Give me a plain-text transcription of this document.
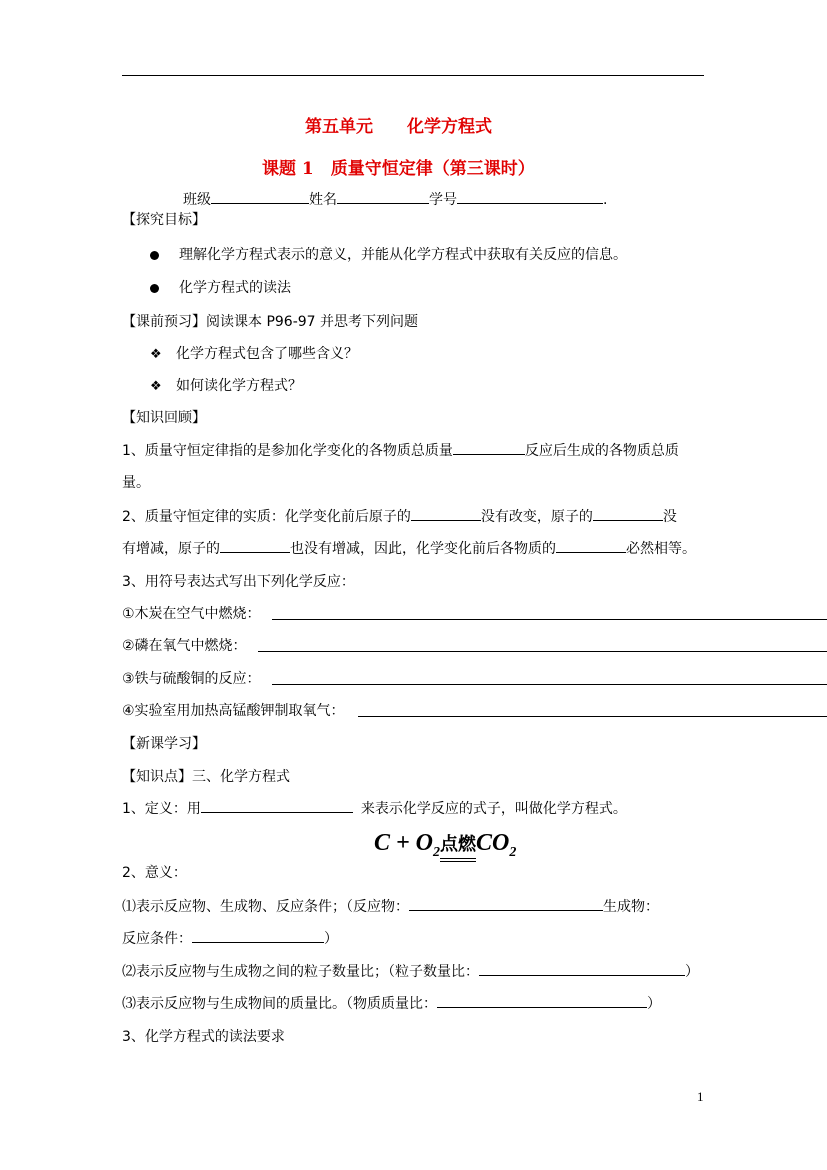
第五单元　　化学方程式
课题 1　质量守恒定律（第三课时）
班级	姓名	学号	.
【探究目标】
理解化学方程式表示的意义，并能从化学方程式中获取有关反应的信息。
化学方程式的读法
【课前预习】阅读课本 P96-97 并思考下列问题
❖ 化学方程式包含了哪些含义？
❖ 如何读化学方程式？
【知识回顾】
1、质量守恒定律指的是参加化学变化的各物质总质量	反应后生成的各物质总质
量。
2、质量守恒定律的实质：化学变化前后原子的	没有改变，原子的	没
有增减，原子的	也没有增减，因此，化学变化前后各物质的	必然相等。
3、用符号表达式写出下列化学反应：
①木炭在空气中燃烧：
②磷在氧气中燃烧：
③铁与硫酸铜的反应：
④实验室用加热高锰酸钾制取氧气：
【新课学习】
【知识点】三、化学方程式
1、定义：用	来表示化学反应的式子，叫做化学方程式。
$C + O_2$点燃$CO_2$
2、意义：
⑴表示反应物、生成物、反应条件；（反应物：	生成物：
反应条件：	）
⑵表示反应物与生成物之间的粒子数量比；（粒子数量比：	）
⑶表示反应物与生成物间的质量比。（物质质量比：	）
3、化学方程式的读法要求
1
